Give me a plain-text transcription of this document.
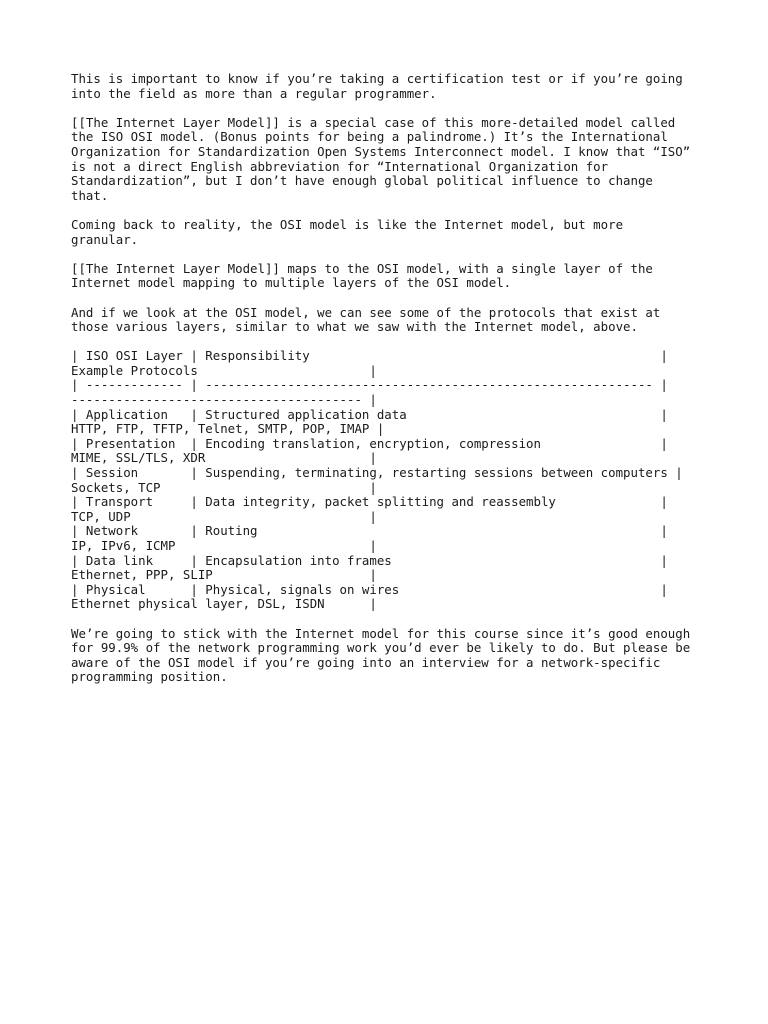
This is important to know if you’re taking a certification test or if you’re going
into the field as more than a regular programmer.

[[The Internet Layer Model]] is a special case of this more-detailed model called
the ISO OSI model. (Bonus points for being a palindrome.) It’s the International
Organization for Standardization Open Systems Interconnect model. I know that “ISO”
is not a direct English abbreviation for “International Organization for
Standardization”, but I don’t have enough global political influence to change
that.

Coming back to reality, the OSI model is like the Internet model, but more
granular.

[[The Internet Layer Model]] maps to the OSI model, with a single layer of the
Internet model mapping to multiple layers of the OSI model.

And if we look at the OSI model, we can see some of the protocols that exist at
those various layers, similar to what we saw with the Internet model, above.

| ISO OSI Layer | Responsibility                                               |
Example Protocols                       |
| ------------- | ------------------------------------------------------------ |
--------------------------------------- |
| Application   | Structured application data                                  |
HTTP, FTP, TFTP, Telnet, SMTP, POP, IMAP |
| Presentation  | Encoding translation, encryption, compression                |
MIME, SSL/TLS, XDR                      |
| Session       | Suspending, terminating, restarting sessions between computers |
Sockets, TCP                            |
| Transport     | Data integrity, packet splitting and reassembly              |
TCP, UDP                                |
| Network       | Routing                                                      |
IP, IPv6, ICMP                          |
| Data link     | Encapsulation into frames                                    |
Ethernet, PPP, SLIP                     |
| Physical      | Physical, signals on wires                                   |
Ethernet physical layer, DSL, ISDN      |

We’re going to stick with the Internet model for this course since it’s good enough
for 99.9% of the network programming work you’d ever be likely to do. But please be
aware of the OSI model if you’re going into an interview for a network-specific
programming position.
